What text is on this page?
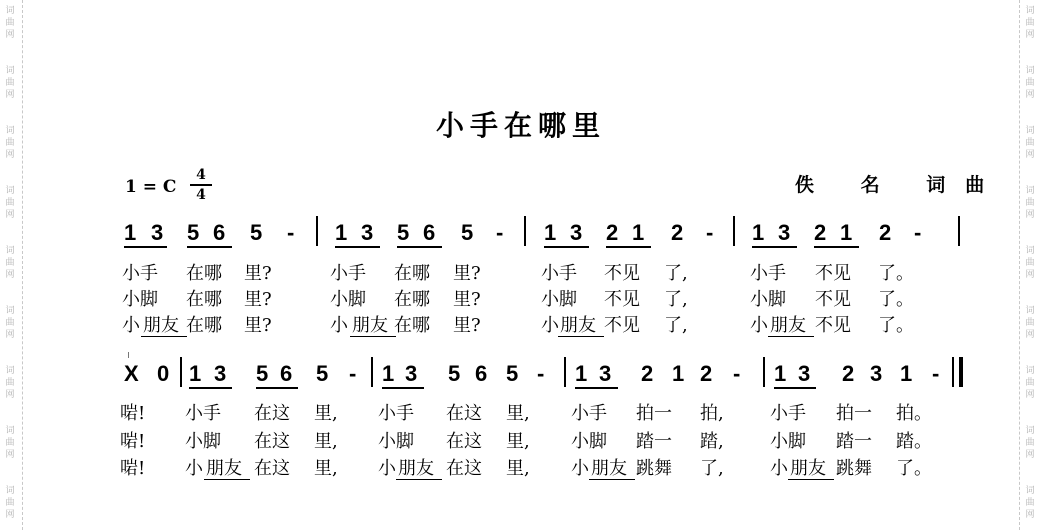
词
曲
网
词
曲
网
词
曲
网
词
曲
网
词
曲
网
词
曲
网
词
曲
网
词
曲
网
词
曲
网
词
曲
网
词
曲
网
词
曲
网
词
曲
网
词
曲
网
词
曲
网
词
曲
网
词
曲
网
词
曲
网
小手在哪里
1 = C
4
4	佚 名 词曲
1 3 5 6 5 - 1 3 5 6 5 - 1 3 2 1 2 - 1 3 2 1 2 -
小手 在哪 里?	小手 在哪 里?	小手 不见 了,	小手 不见 了。
小脚 在哪 里?	小脚 在哪 里?	小脚 不见 了,	小脚 不见 了。
小 朋友 在哪 里?	小 朋友 在哪 里?	小 朋友 不见 了,	小 朋友 不见 了。
X 0 1 3 5 6 5 - 1 3 5 6 5 - 1 3 2 1 2 - 1 3 2 3 1 -
啱! 小手 在这 里, 小手 在这 里, 小手 拍一 拍,	小手 拍一 拍。
啱! 小脚 在这 里, 小脚 在这 里, 小脚 踏一 踏,	小脚 踏一 踏。
啱! 小 朋友 在这 里, 小 朋友 在这 里, 小 朋友 跳舞 了,	小 朋友 跳舞 了。
